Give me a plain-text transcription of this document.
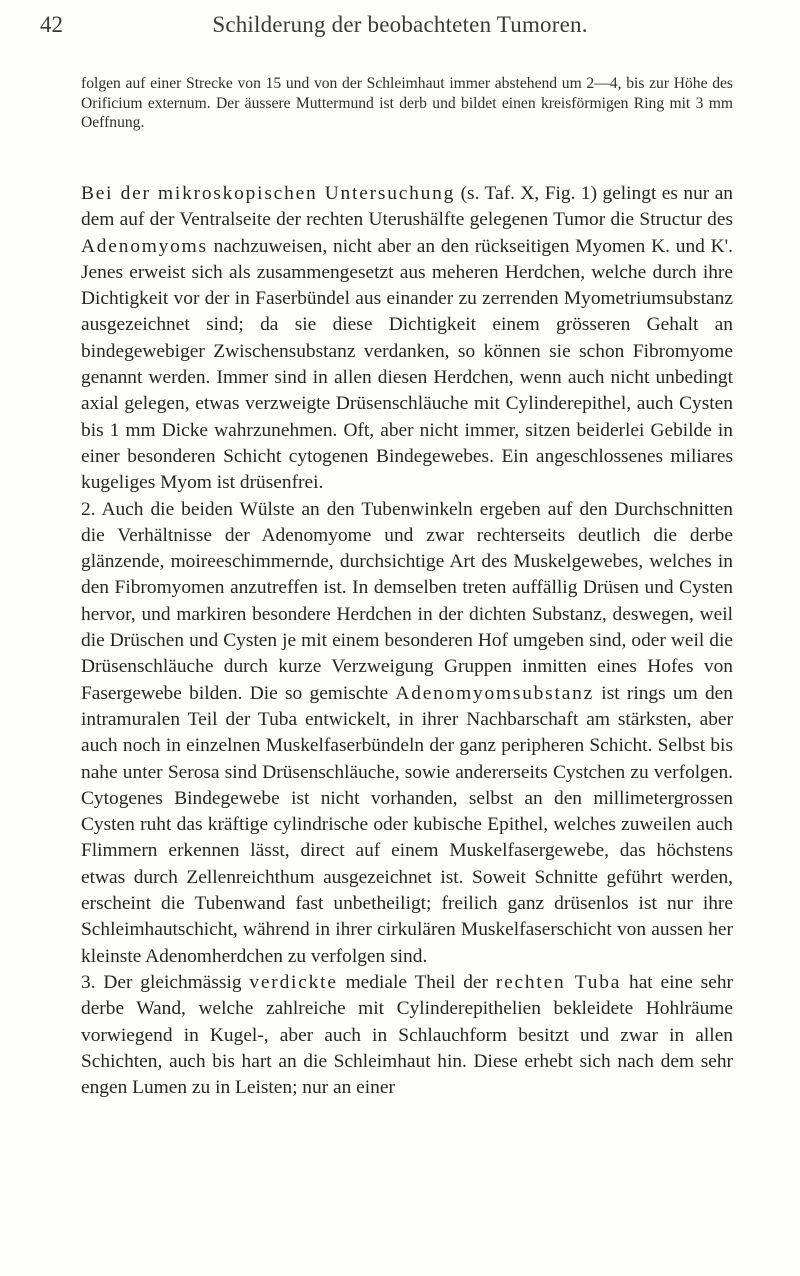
42	Schilderung der beobachteten Tumoren.
folgen auf einer Strecke von 15 und von der Schleimhaut immer abstehend um 2—4, bis zur Höhe des Orificium externum. Der äussere Muttermund ist derb und bildet einen kreisförmigen Ring mit 3 mm Oeffnung.

Bei der mikroskopischen Untersuchung (s. Taf. X, Fig. 1) gelingt es nur an dem auf der Ventralseite der rechten Uterushälfte gelegenen Tumor die Structur des Adenomyoms nachzuweisen, nicht aber an den rückseitigen Myomen K. und K'. Jenes erweist sich als zusammengesetzt aus meheren Herdchen, welche durch ihre Dichtigkeit vor der in Faserbündel aus einander zu zerrenden Myometriumsubstanz ausgezeichnet sind; da sie diese Dichtigkeit einem grösseren Gehalt an bindegewebiger Zwischensubstanz verdanken, so können sie schon Fibromyome genannt werden. Immer sind in allen diesen Herdchen, wenn auch nicht unbedingt axial gelegen, etwas verzweigte Drüsenschläuche mit Cylinderepithel, auch Cysten bis 1 mm Dicke wahrzunehmen. Oft, aber nicht immer, sitzen beiderlei Gebilde in einer besonderen Schicht cytogenen Bindegewebes. Ein angeschlossenes miliares kugeliges Myom ist drüsenfrei.

2. Auch die beiden Wülste an den Tubenwinkeln ergeben auf den Durchschnitten die Verhältnisse der Adenomyome und zwar rechterseits deutlich die derbe glänzende, moireeschimmernde, durchsichtige Art des Muskelgewebes, welches in den Fibromyomen anzutreffen ist. In demselben treten auffällig Drüsen und Cysten hervor, und markiren besondere Herdchen in der dichten Substanz, deswegen, weil die Drüschen und Cysten je mit einem besonderen Hof umgeben sind, oder weil die Drüsenschläuche durch kurze Verzweigung Gruppen inmitten eines Hofes von Fasergewebe bilden. Die so gemischte Adenomyomsubstanz ist rings um den intramuralen Teil der Tuba entwickelt, in ihrer Nachbarschaft am stärksten, aber auch noch in einzelnen Muskelfaserbündeln der ganz peripheren Schicht. Selbst bis nahe unter Serosa sind Drüsenschläuche, sowie andererseits Cystchen zu verfolgen. Cytogenes Bindegewebe ist nicht vorhanden, selbst an den millimetergrossen Cysten ruht das kräftige cylindrische oder kubische Epithel, welches zuweilen auch Flimmern erkennen lässt, direct auf einem Muskelfasergewebe, das höchstens etwas durch Zellenreichthum ausgezeichnet ist. Soweit Schnitte geführt werden, erscheint die Tubenwand fast unbetheiligt; freilich ganz drüsenlos ist nur ihre Schleimhautschicht, während in ihrer cirkulären Muskelfaserschicht von aussen her kleinste Adenomherdchen zu verfolgen sind.

3. Der gleichmässig verdickte mediale Theil der rechten Tuba hat eine sehr derbe Wand, welche zahlreiche mit Cylinderepithelien bekleidete Hohlräume vorwiegend in Kugel-, aber auch in Schlauchform besitzt und zwar in allen Schichten, auch bis hart an die Schleimhaut hin. Diese erhebt sich nach dem sehr engen Lumen zu in Leisten; nur an einer
